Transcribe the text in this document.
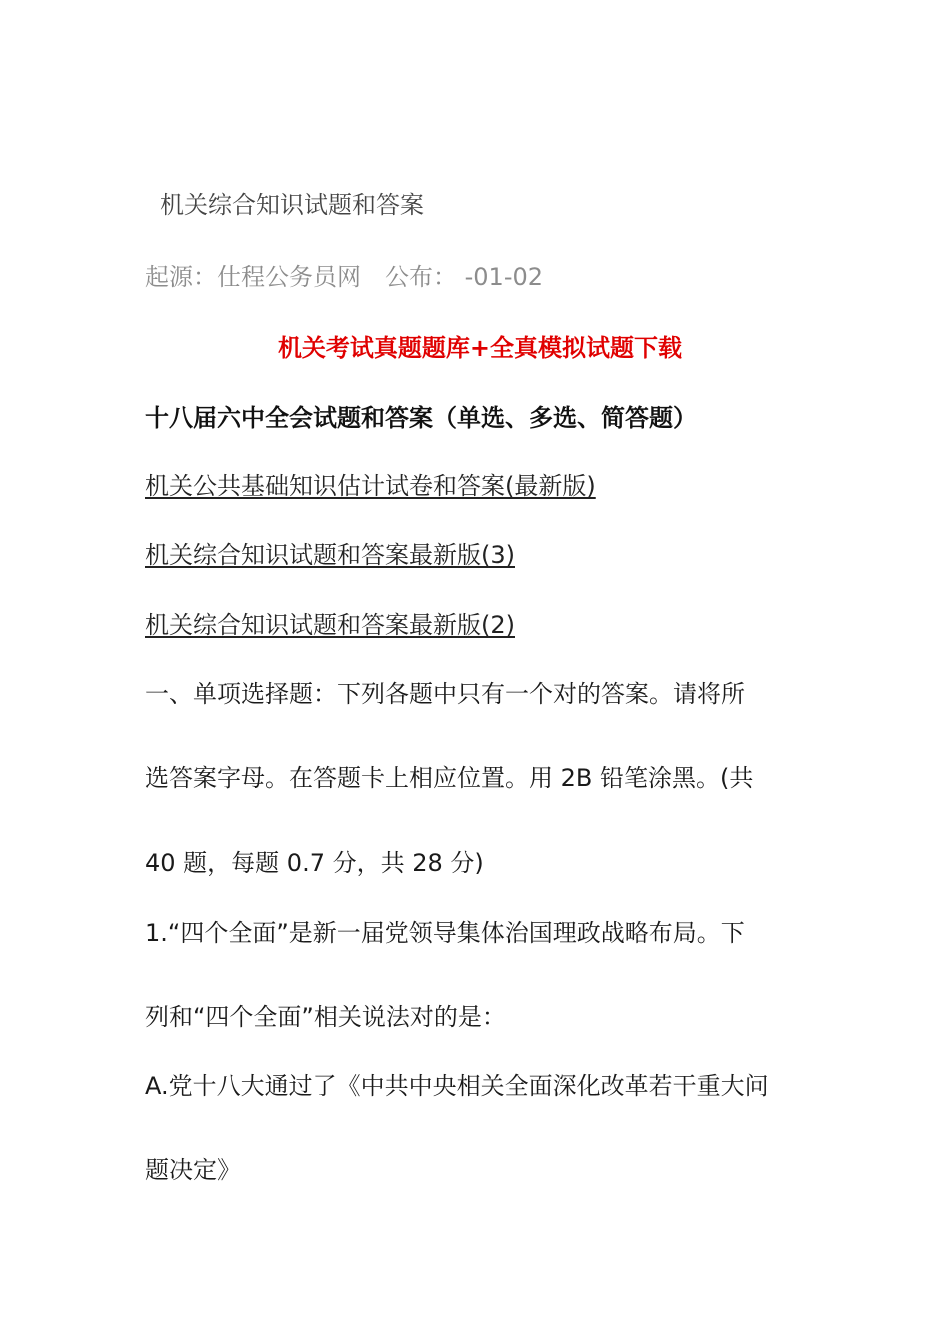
机关综合知识试题和答案
起源：仕程公务员网 公布： -01-02
机关考试真题题库+全真模拟试题下载
十八届六中全会试题和答案（单选、多选、简答题）
机关公共基础知识估计试卷和答案(最新版)
机关综合知识试题和答案最新版(3)
机关综合知识试题和答案最新版(2)
一、单项选择题：下列各题中只有一个对的答案。请将所
选答案字母。在答题卡上相应位置。用 2B 铅笔涂黑。(共
40 题，每题 0.7 分，共 28 分)
1.“四个全面”是新一届党领导集体治国理政战略布局。下
列和“四个全面”相关说法对的是：
A.党十八大通过了《中共中央相关全面深化改革若干重大问
题决定》
